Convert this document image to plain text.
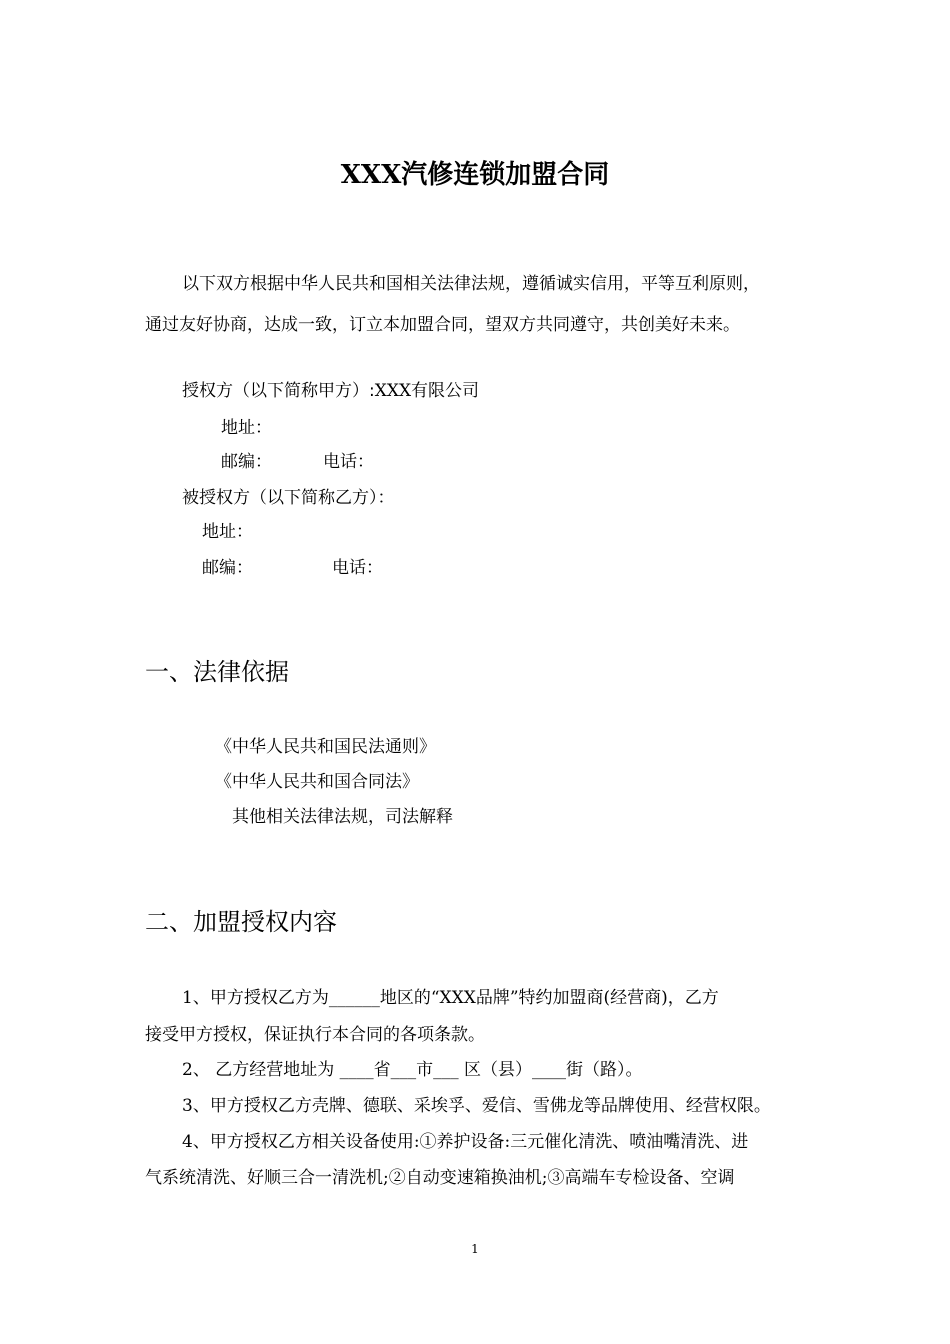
XXX汽修连锁加盟合同
以下双方根据中华人民共和国相关法律法规，遵循诚实信用，平等互利原则，
通过友好协商，达成一致，订立本加盟合同，望双方共同遵守，共创美好未来。
授权方（以下简称甲方）:XXX有限公司
地址：
邮编：	电话：
被授权方（以下简称乙方）：
地址：
邮编：	电话：
一、法律依据
《中华人民共和国民法通则》
《中华人民共和国合同法》
其他相关法律法规，司法解释
二、加盟授权内容
1、甲方授权乙方为______地区的“XXX品牌”特约加盟商(经营商)，乙方
接受甲方授权，保证执行本合同的各项条款。
2、 乙方经营地址为 ____省___市___ 区（县）____街（路）。
3、甲方授权乙方壳牌、德联、采埃孚、爱信、雪佛龙等品牌使用、经营权限。
4、甲方授权乙方相关设备使用:①养护设备:三元催化清洗、喷油嘴清洗、进
气系统清洗、好顺三合一清洗机;②自动变速箱换油机;③高端车专检设备、空调
1
